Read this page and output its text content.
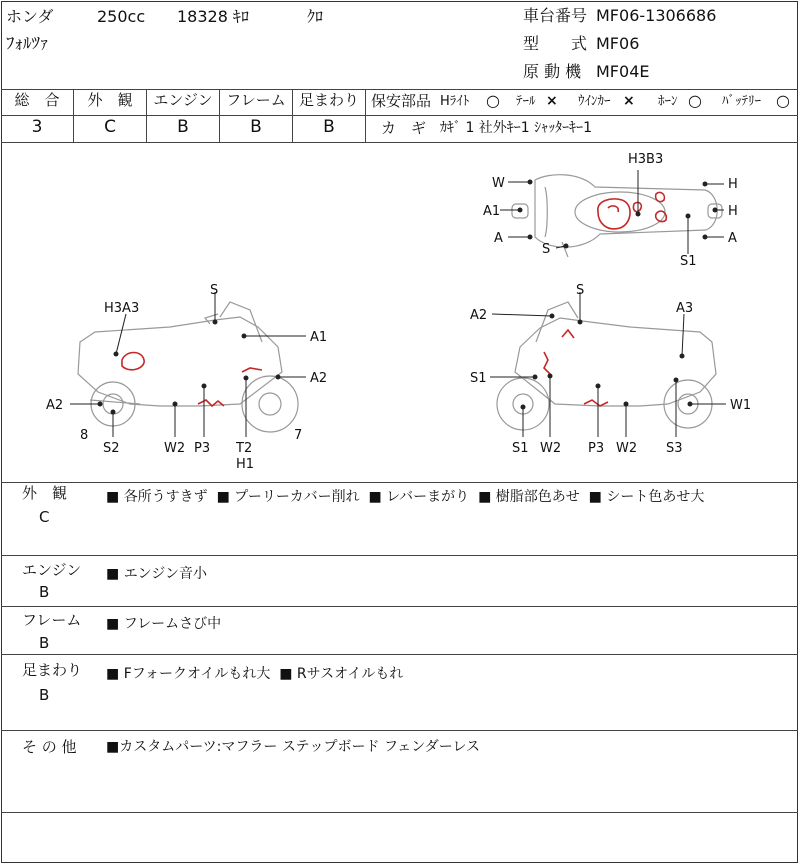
ホンダ	250cc 18328 ｷﾛ	ｸﾛ
ﾌｫﾙﾂｧ
車台番号 MF06-1306686
型　　式 MF06
原 動 機 MF04E
総　合	外　観	エンジン フレーム 足まわり
3	C	B	B	B
保安部品 Hﾗｲﾄ ○ ﾃｰﾙ × ｳｲﾝｶｰ × ﾎｰﾝ ○ ﾊﾞｯﾃﾘｰ ○
カ　ギ ｶｷﾞ 1 社外ｷｰ1 ｼｬｯﾀｰｷｰ1
H3B3
W	H
A1	H
A	A
S
S1
S
H3A3
A1
A2
A2
8
S2	W2 P3 T2
H1
7
S
A2	A3
S1
W1
S1 W2 P3 W2 S3
外　観
C
■ 各所うすきず  ■ プーリーカバー削れ  ■ レバーまがり  ■ 樹脂部色あせ  ■ シート色あせ大
エンジン
B
■ エンジン音小
フレーム
B
■ フレームさび中
足まわり
B
■ Fフォークオイルもれ大  ■ Rサスオイルもれ
そ の 他 ■カスタムパーツ:マフラー ステップボード フェンダーレス
